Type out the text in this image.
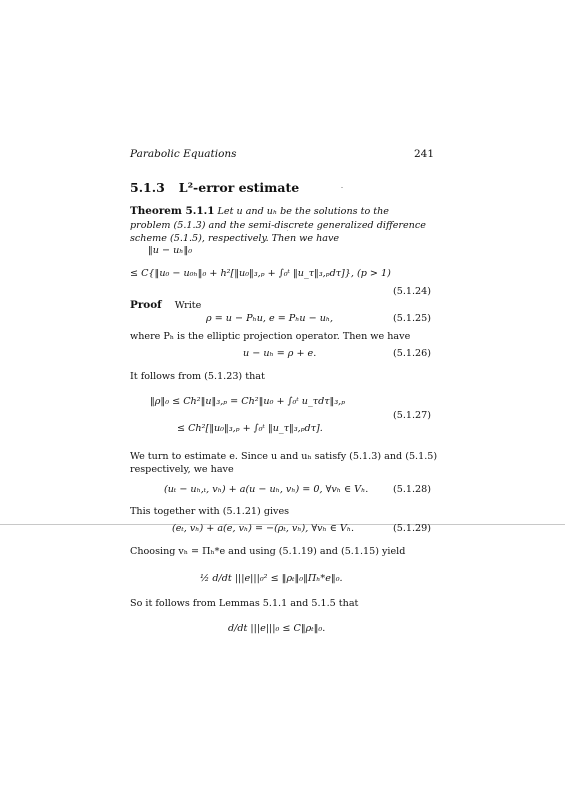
Parabolic Equations	241
5.1.3 L²-error estimate
Theorem 5.1.1 Let u and uₕ be the solutions to the problem (5.1.3) and the semi-discrete generalized difference scheme (5.1.5), respectively. Then we have
‖u − uₕ‖₀
≤ C{‖u₀ − u₀ₕ‖₀ + h²[‖u₀‖₃,ₚ + ∫₀ᵗ ‖u_τ‖₃,ₚdτ]}, (p > 1)
(5.1.24)
Proof Write
ρ = u − Pₕu, e = Pₕu − uₕ,	(5.1.25)
where Pₕ is the elliptic projection operator. Then we have
u − uₕ = ρ + e.	(5.1.26)
It follows from (5.1.23) that
‖ρ‖₀ ≤ Ch²‖u‖₃,ₚ = Ch²‖u₀ + ∫₀ᵗ u_τdτ‖₃,ₚ
(5.1.27)
≤ Ch²[‖u₀‖₃,ₚ + ∫₀ᵗ ‖u_τ‖₃,ₚdτ].
We turn to estimate e. Since u and uₕ satisfy (5.1.3) and (5.1.5)
respectively, we have
(uₜ − uₕ,ₜ, vₕ) + a(u − uₕ, vₕ) = 0, ∀vₕ ∈ Vₕ.	(5.1.28)
This together with (5.1.21) gives
(eₜ, vₕ) + a(e, vₕ) = −(ρₜ, vₕ), ∀vₕ ∈ Vₕ.	(5.1.29)
Choosing vₕ = Πₕ*e and using (5.1.19) and (5.1.15) yield
½ d/dt |||e|||₀² ≤ ‖ρₜ‖₀‖Πₕ*e‖₀.
So it follows from Lemmas 5.1.1 and 5.1.5 that
d/dt |||e|||₀ ≤ C‖ρₜ‖₀.
